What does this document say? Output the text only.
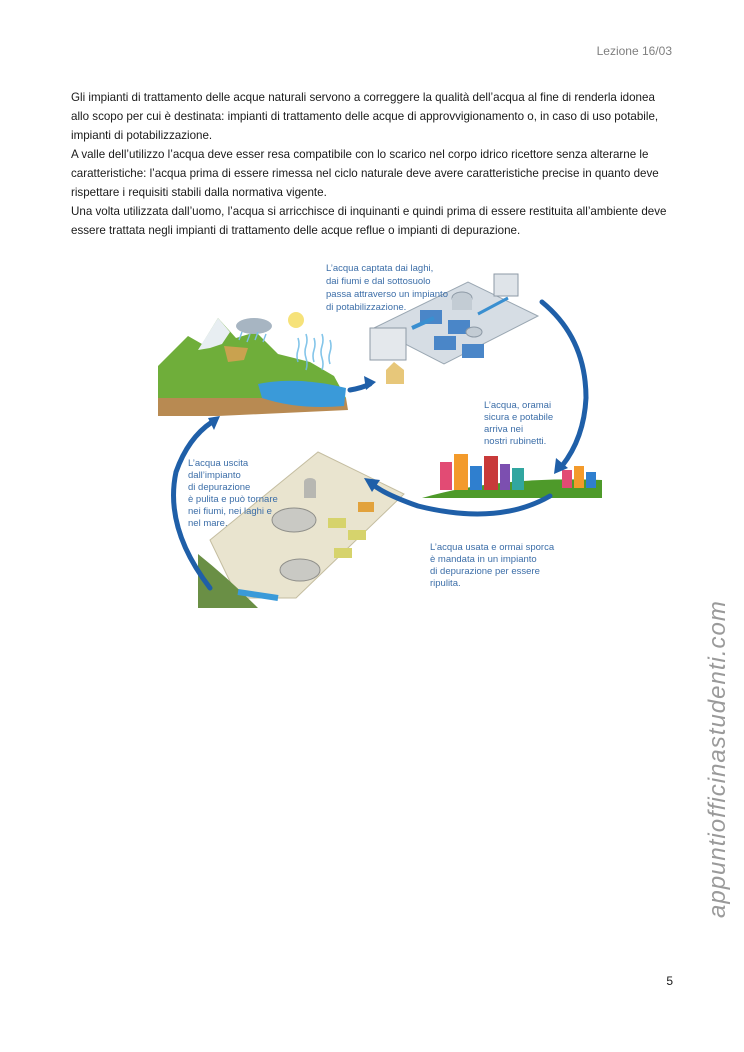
Lezione 16/03

Gli impianti di trattamento delle acque naturali servono a correggere la qualità dell’acqua al fine di renderla idonea allo scopo per cui è destinata: impianti di trattamento delle acque di approvvigionamento o, in caso di uso potabile, impianti di potabilizzazione.

A valle dell’utilizzo l’acqua deve esser resa compatibile con lo scarico nel corpo idrico ricettore senza alterarne le caratteristiche: l’acqua prima di essere rimessa nel ciclo naturale deve avere caratteristiche precise in quanto deve rispettare i requisiti stabili dalla normativa vigente.

Una volta utilizzata dall’uomo, l’acqua si arricchisce di inquinanti e quindi prima di essere restituita all’ambiente deve essere trattata negli impianti di trattamento delle acque reflue o impianti di depurazione.

L’acqua captata dai laghi,
dai fiumi e dal sottosuolo
passa attraverso un impianto
di potabilizzazione.
L’acqua, oramai
sicura e potabile
arriva nei
nostri rubinetti.
L’acqua uscita
dall’impianto
di depurazione
è pulita e può tornare
nei fiumi, nei laghi e
nel mare.
L’acqua usata e ormai sporca
è mandata in un impianto
di depurazione per essere
ripulita.
5
appuntiofficinastudenti.com
